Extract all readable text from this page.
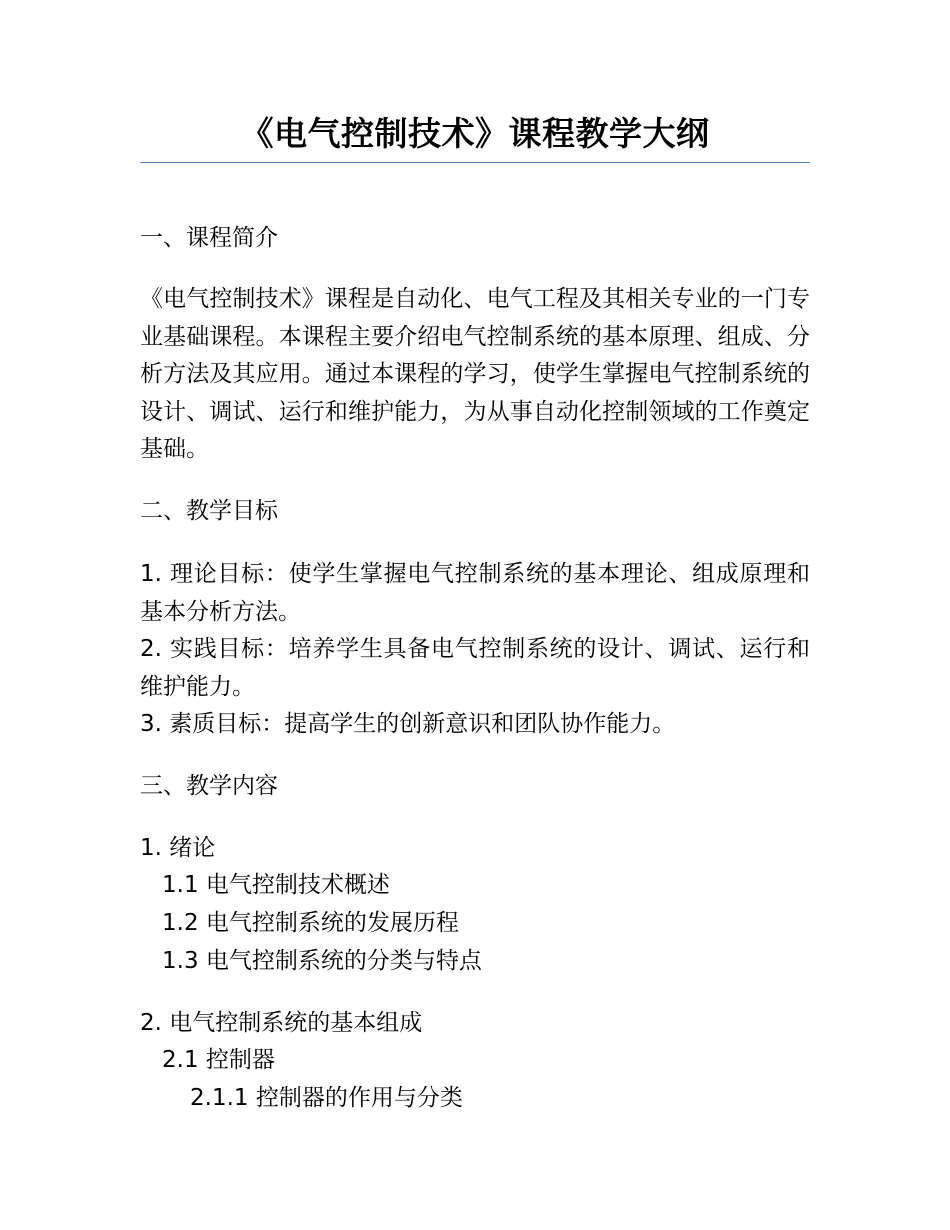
《电气控制技术》课程教学大纲
一、课程简介

《电气控制技术》课程是自动化、电气工程及其相关专业的一门专业基础课程。本课程主要介绍电气控制系统的基本原理、组成、分析方法及其应用。通过本课程的学习，使学生掌握电气控制系统的设计、调试、运行和维护能力，为从事自动化控制领域的工作奠定基础。

二、教学目标
1. 理论目标：使学生掌握电气控制系统的基本理论、组成原理和基本分析方法。
2. 实践目标：培养学生具备电气控制系统的设计、调试、运行和维护能力。
3. 素质目标：提高学生的创新意识和团队协作能力。
三、教学内容
1. 绪论
1.1 电气控制技术概述
1.2 电气控制系统的发展历程
1.3 电气控制系统的分类与特点
2. 电气控制系统的基本组成
2.1 控制器
2.1.1 控制器的作用与分类
